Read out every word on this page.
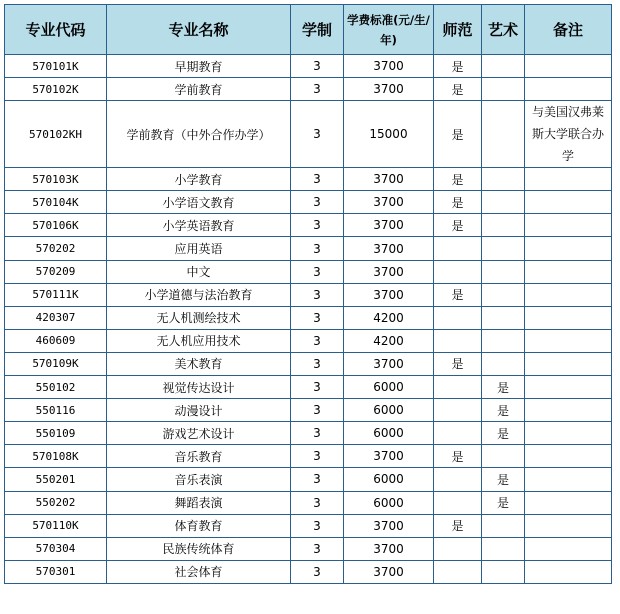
专业代码	专业名称	学制	学费标准(元/生/年)	师范	艺术	备注
570101K	早期教育	3	3700	是		
570102K	学前教育	3	3700	是		
570102KH	学前教育（中外合作办学）	3	15000	是		与美国汉弗莱斯大学联合办学
570103K	小学教育	3	3700	是		
570104K	小学语文教育	3	3700	是		
570106K	小学英语教育	3	3700	是		
570202	应用英语	3	3700			
570209	中文	3	3700			
570111K	小学道德与法治教育	3	3700	是		
420307	无人机测绘技术	3	4200			
460609	无人机应用技术	3	4200			
570109K	美术教育	3	3700	是		
550102	视觉传达设计	3	6000		是	
550116	动漫设计	3	6000		是	
550109	游戏艺术设计	3	6000		是	
570108K	音乐教育	3	3700	是		
550201	音乐表演	3	6000		是	
550202	舞蹈表演	3	6000		是	
570110K	体育教育	3	3700	是		
570304	民族传统体育	3	3700			
570301	社会体育	3	3700			
